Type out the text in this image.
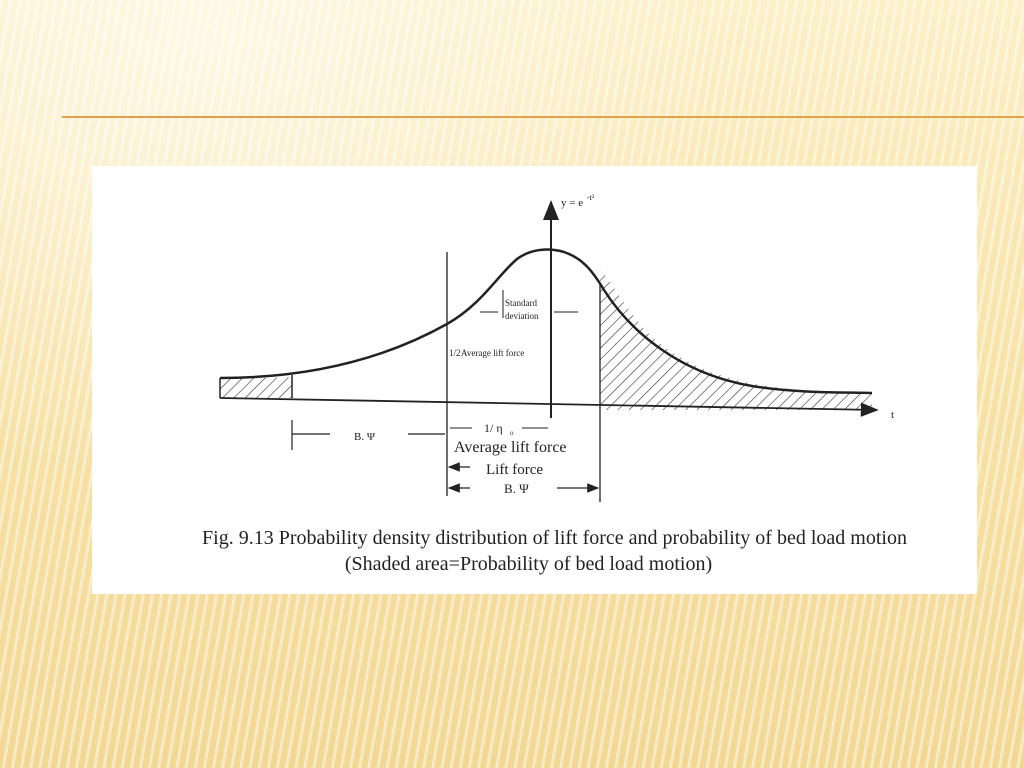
Standard
deviation
1/2 Average lift force
y = e -t²
t
B. Ψ
1/ η o
Average lift force
Lift force
B. Ψ
Fig. 9.13 Probability density distribution of lift force and probability of bed load motion
(Shaded area=Probability of bed load motion)
